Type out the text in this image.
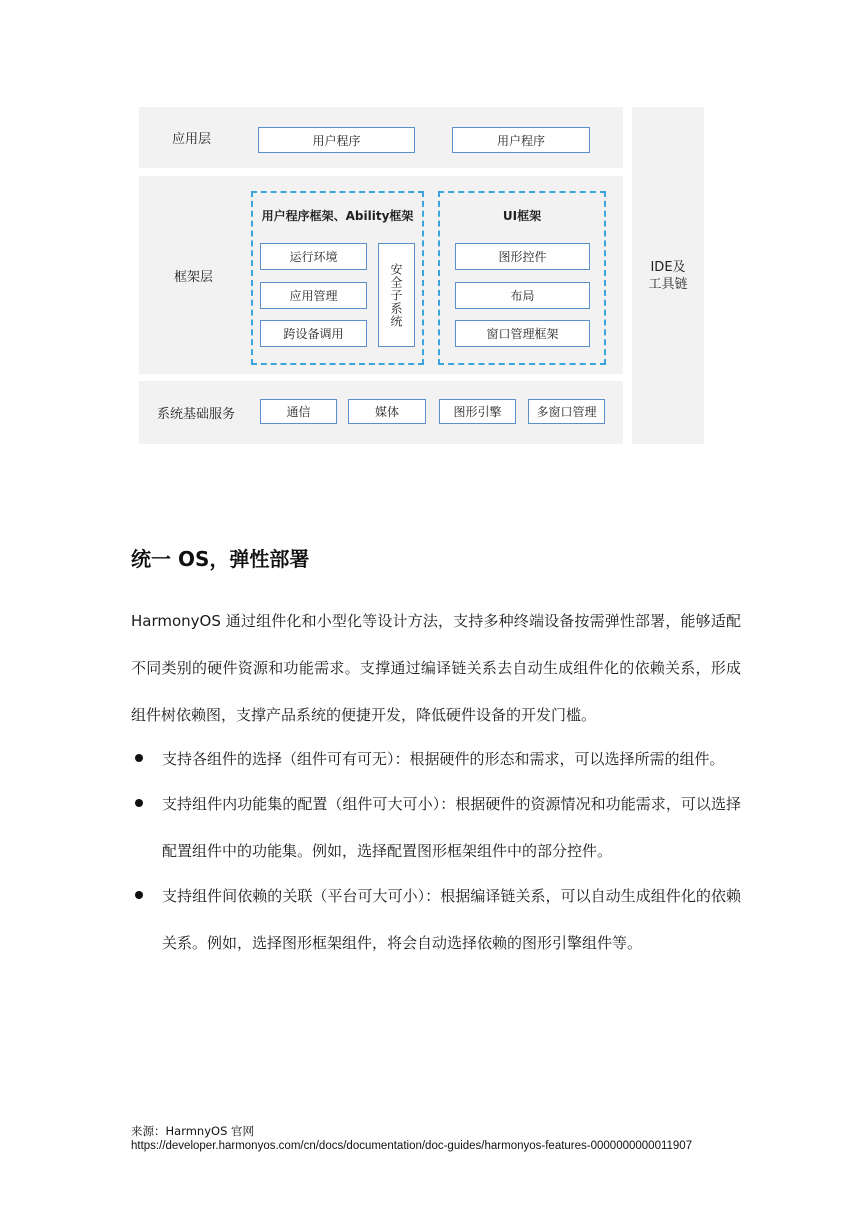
应用层	用户程序	用户程序
框架层
用户程序框架、Ability框架
运行环境
应用管理
跨设备调用
安全子系统
UI框架
图形控件
布局
窗口管理框架
系统基础服务	通信	媒体	图形引擎	多窗口管理
IDE及
工具链
统一 OS，弹性部署

HarmonyOS 通过组件化和小型化等设计方法，支持多种终端设备按需弹性部署，能够适配不同类别的硬件资源和功能需求。支撑通过编译链关系去自动生成组件化的依赖关系，形成组件树依赖图，支撑产品系统的便捷开发，降低硬件设备的开发门槛。

支持各组件的选择（组件可有可无）：根据硬件的形态和需求，可以选择所需的组件。
支持组件内功能集的配置（组件可大可小）：根据硬件的资源情况和功能需求，可以选择配置组件中的功能集。例如，选择配置图形框架组件中的部分控件。
支持组件间依赖的关联（平台可大可小）：根据编译链关系，可以自动生成组件化的依赖关系。例如，选择图形框架组件，将会自动选择依赖的图形引擎组件等。
来源：HarmnyOS 官网
https://developer.harmonyos.com/cn/docs/documentation/doc-guides/harmonyos-features-0000000000011907
